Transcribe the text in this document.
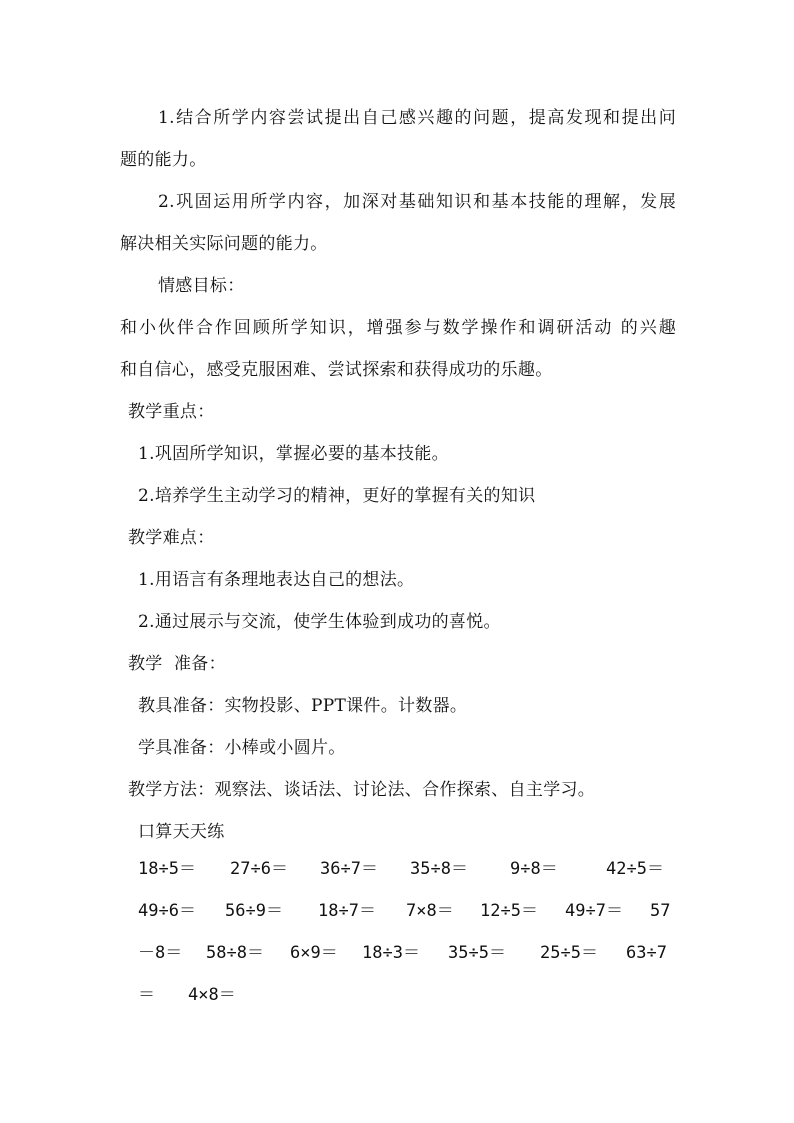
1.结合所学内容尝试提出自己感兴趣的问题，提高发现和提出问
题的能力。
2.巩固运用所学内容，加深对基础知识和基本技能的理解，发展
解决相关实际问题的能力。
情感目标：
和小伙伴合作回顾所学知识，增强参与数学操作和调研活动 的兴趣
和自信心，感受克服困难、尝试探索和获得成功的乐趣。
教学重点：
1.巩固所学知识，掌握必要的基本技能。
2.培养学生主动学习的精神，更好的掌握有关的知识
教学难点：
1.用语言有条理地表达自己的想法。
2.通过展示与交流，使学生体验到成功的喜悦。
教学  准备：
教具准备：实物投影、PPT课件。计数器。
学具准备：小棒或小圆片。
教学方法：观察法、谈话法、讨论法、合作探索、自主学习。
口算天天练
18÷5＝ 27÷6＝ 36÷7＝ 35÷8＝ 9÷8＝	42÷5＝
49÷6＝ 56÷9＝ 18÷7＝ 7×8＝ 12÷5＝ 49÷7＝ 57
－8＝ 58÷8＝ 6×9＝ 18÷3＝ 35÷5＝ 25÷5＝ 63÷7
＝ 4×8＝
